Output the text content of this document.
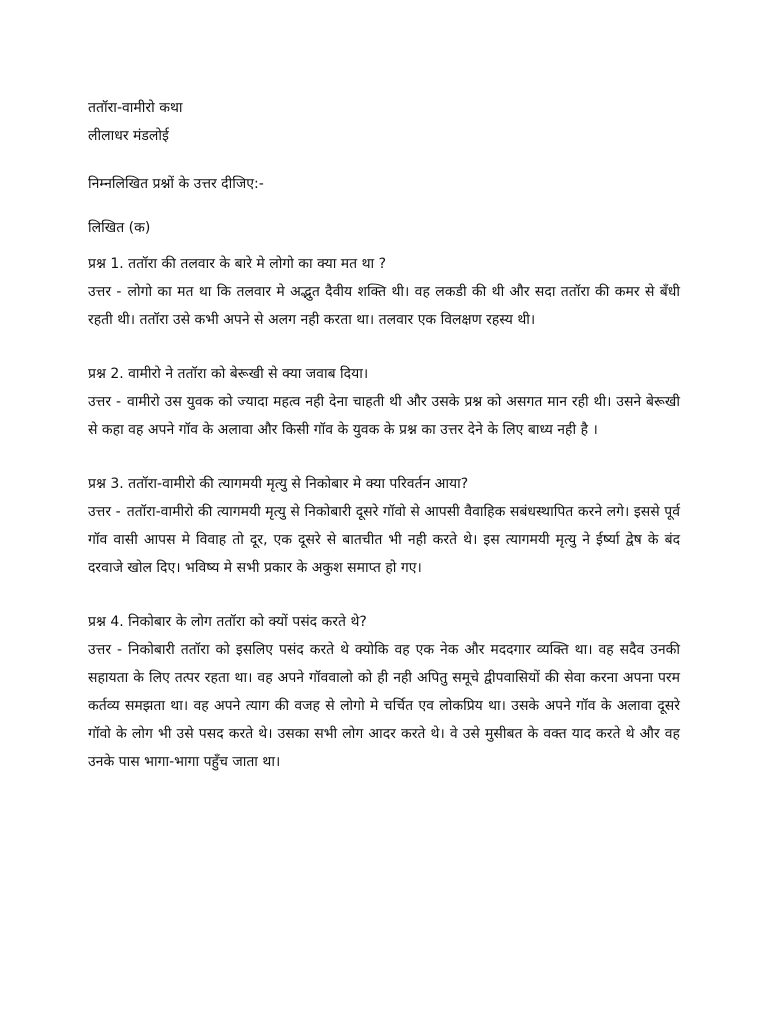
ततॉरा-वामीरो कथा
लीलाधर मंडलोई
निम्नलिखित प्रश्नों के उत्तर दीजिए:-
लिखित (क)
प्रश्न 1. ततॉरा की तलवार के बारे मे लोगो का क्या मत था ?
उत्तर - लोगो का मत था कि तलवार मे अद्भुत दैवीय शक्ति थी। वह लकडी की थी और सदा ततॉरा की कमर से बँधी रहती थी। ततॉरा उसे कभी अपने से अलग नही करता था। तलवार एक विलक्षण रहस्य थी।
प्रश्न 2. वामीरो ने ततॉरा को बेरूखी से क्या जवाब दिया।
उत्तर - वामीरो उस युवक को ज्यादा महत्व नही देना चाहती थी और उसके प्रश्न को असगत मान रही थी। उसने बेरूखी से कहा वह अपने गॉव के अलावा और किसी गॉव के युवक के प्रश्न का उत्तर देने के लिए बाध्य नही है ।
प्रश्न 3. ततॉरा-वामीरो की त्यागमयी मृत्यु से निकोबार मे क्या परिवर्तन आया?
उत्तर - ततॉरा-वामीरो की त्यागमयी मृत्यु से निकोबारी दूसरे गॉवो से आपसी वैवाहिक सबंधस्थापित करने लगे। इससे पूर्व गॉव वासी आपस मे विवाह तो दूर, एक दूसरे से बातचीत भी नही करते थे। इस त्यागमयी मृत्यु ने ईर्ष्या द्वेष के बंद दरवाजे खोल दिए। भविष्य मे सभी प्रकार के अकुश समाप्त हो गए।
प्रश्न 4. निकोबार के लोग ततॉरा को क्यों पसंद करते थे?
उत्तर - निकोबारी ततॉरा को इसलिए पसंद करते थे क्योकि वह एक नेक और मददगार व्यक्ति था। वह सदैव उनकी सहायता के लिए तत्पर रहता था। वह अपने गॉववालो को ही नही अपितु समूचे द्वीपवासियों की सेवा करना अपना परम कर्तव्य समझता था। वह अपने त्याग की वजह से लोगो मे चर्चित एव लोकप्रिय था। उसके अपने गॉव के अलावा दूसरे गॉवो के लोग भी उसे पसद करते थे। उसका सभी लोग आदर करते थे। वे उसे मुसीबत के वक्त याद करते थे और वह उनके पास भागा-भागा पहुँच जाता था।
